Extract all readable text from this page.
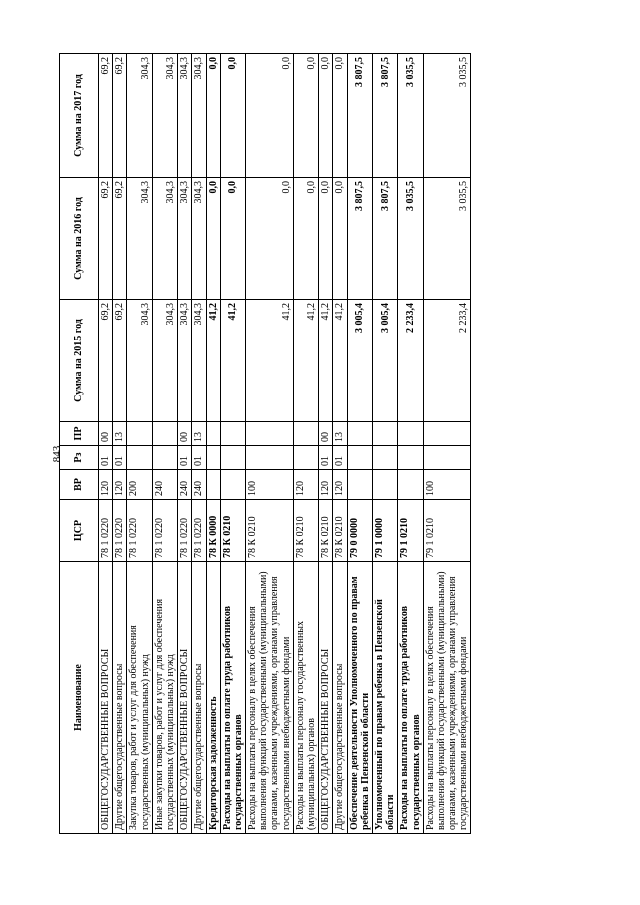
843
Наименование	ЦСР	ВР	Рз	ПР	Сумма на 2015 год	Сумма на 2016 год	Сумма на 2017 год
ОБЩЕГОСУДАРСТВЕННЫЕ ВОПРОСЫ	78 1 0220	120	01	00	69,2	69,2	69,2
Другие общегосударственные вопросы	78 1 0220	120	01	13	69,2	69,2	69,2
Закупка товаров, работ и услуг для обеспечения государственных (муниципальных) нужд	78 1 0220	200			304,3	304,3	304,3
Иные закупки товаров, работ и услуг для обеспечения государственных (муниципальных) нужд	78 1 0220	240			304,3	304,3	304,3
ОБЩЕГОСУДАРСТВЕННЫЕ ВОПРОСЫ	78 1 0220	240	01	00	304,3	304,3	304,3
Другие общегосударственные вопросы	78 1 0220	240	01	13	304,3	304,3	304,3
Кредиторская задолженность	78 К 0000				41,2	0,0	0,0
Расходы на выплаты по оплате труда работников государственных органов	78 К 0210				41,2	0,0	0,0
Расходы на выплаты персоналу в целях обеспечения выполнения функций государственными (муниципальными) органами, казенными учреждениями, органами управления государственными внебюджетными фондами	78 К 0210	100			41,2	0,0	0,0
Расходы на выплаты персоналу государственных (муниципальных) органов	78 К 0210	120			41,2	0,0	0,0
ОБЩЕГОСУДАРСТВЕННЫЕ ВОПРОСЫ	78 К 0210	120	01	00	41,2	0,0	0,0
Другие общегосударственные вопросы	78 К 0210	120	01	13	41,2	0,0	0,0
Обеспечение деятельности Уполномоченного по правам ребенка в Пензенской области	79 0 0000				3 005,4	3 807,5	3 807,5
Уполномоченный по правам ребенка в Пензенской области	79 1 0000				3 005,4	3 807,5	3 807,5
Расходы на выплаты по оплате труда работников государственных органов	79 1 0210				2 233,4	3 035,5	3 035,5
Расходы на выплаты персоналу в целях обеспечения выполнения функций государственными (муниципальными) органами, казенными учреждениями, органами управления государственными внебюджетными фондами	79 1 0210	100			2 233,4	3 035,5	3 035,5
